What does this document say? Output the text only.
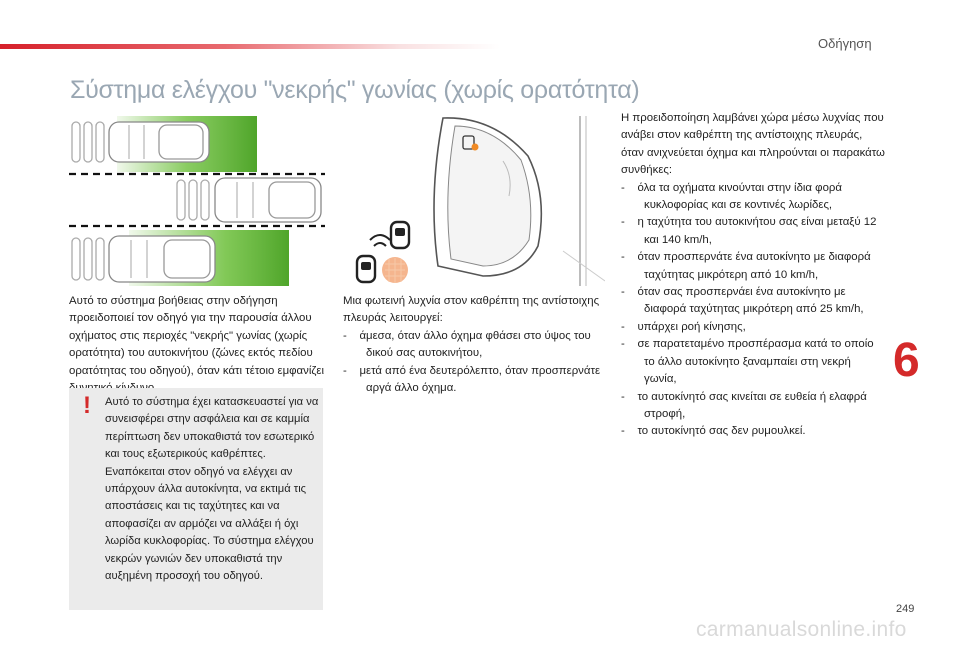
Οδήγηση
Σύστημα ελέγχου "νεκρής" γωνίας (χωρίς ορατότητα)

Αυτό το σύστημα βοήθειας στην οδήγηση προειδοποιεί τον οδηγό για την παρουσία άλλου οχήματος στις περιοχές "νεκρής" γωνίας (χωρίς ορατότητα) του αυτοκινήτου (ζώνες εκτός πεδίου ορατότητας του οδηγού), όταν κάτι τέτοιο εμφανίζει

! Αυτό το σύστημα έχει κατασκευαστεί για να συνεισφέρει στην ασφάλεια και σε καμμία περίπτωση δεν υποκαθιστά τον εσωτερικό και τους εξωτερικούς καθρέπτες. Εναπόκειται στον οδηγό να ελέγχει αν υπάρχουν άλλα αυτοκίνητα, να εκτιμά τις αποστάσεις και τις ταχύτητες και να αποφασίζει αν αρμόζει να αλλάξει ή όχι λωρίδα κυκλοφορίας. Το σύστημα ελέγχου νεκρών γωνιών δεν υποκαθιστά την αυξημένη προσοχή του οδηγού.

Μια φωτεινή λυχνία στον καθρέπτη της αντίστοιχης πλευράς λειτουργεί:

-    άμεσα, όταν άλλο όχημα φθάσει στο ύψος του δικού σας αυτοκινήτου,

-    μετά από ένα δευτερόλεπτο, όταν προσπερνάτε αργά άλλο όχημα.

Η προειδοποίηση λαμβάνει χώρα μέσω λυχνίας που ανάβει στον καθρέπτη της αντίστοιχης πλευράς, όταν ανιχνεύεται όχημα και πληρούνται οι παρακάτω συνθήκες:

-    όλα τα οχήματα κινούνται στην ίδια φορά κυκλοφορίας και σε κοντινές λωρίδες,

-    η ταχύτητα του αυτοκινήτου σας είναι μεταξύ 12 και 140 km/h,

-    όταν προσπερνάτε ένα αυτοκίνητο με διαφορά ταχύτητας μικρότερη από 10 km/h,

-    όταν σας προσπερνάει ένα αυτοκίνητο με διαφορά ταχύτητας μικρότερη από 25 km/h,

-    υπάρχει ροή κίνησης,

-    σε παρατεταμένο προσπέρασμα κατά το οποίο το άλλο αυτοκίνητο ξαναμπαίει στη νεκρή γωνία,

-    το αυτοκίνητό σας κινείται σε ευθεία ή ελαφρά στροφή,

-    το αυτοκίνητό σας δεν ρυμουλκεί.

6
249
carmanualsonline.info
